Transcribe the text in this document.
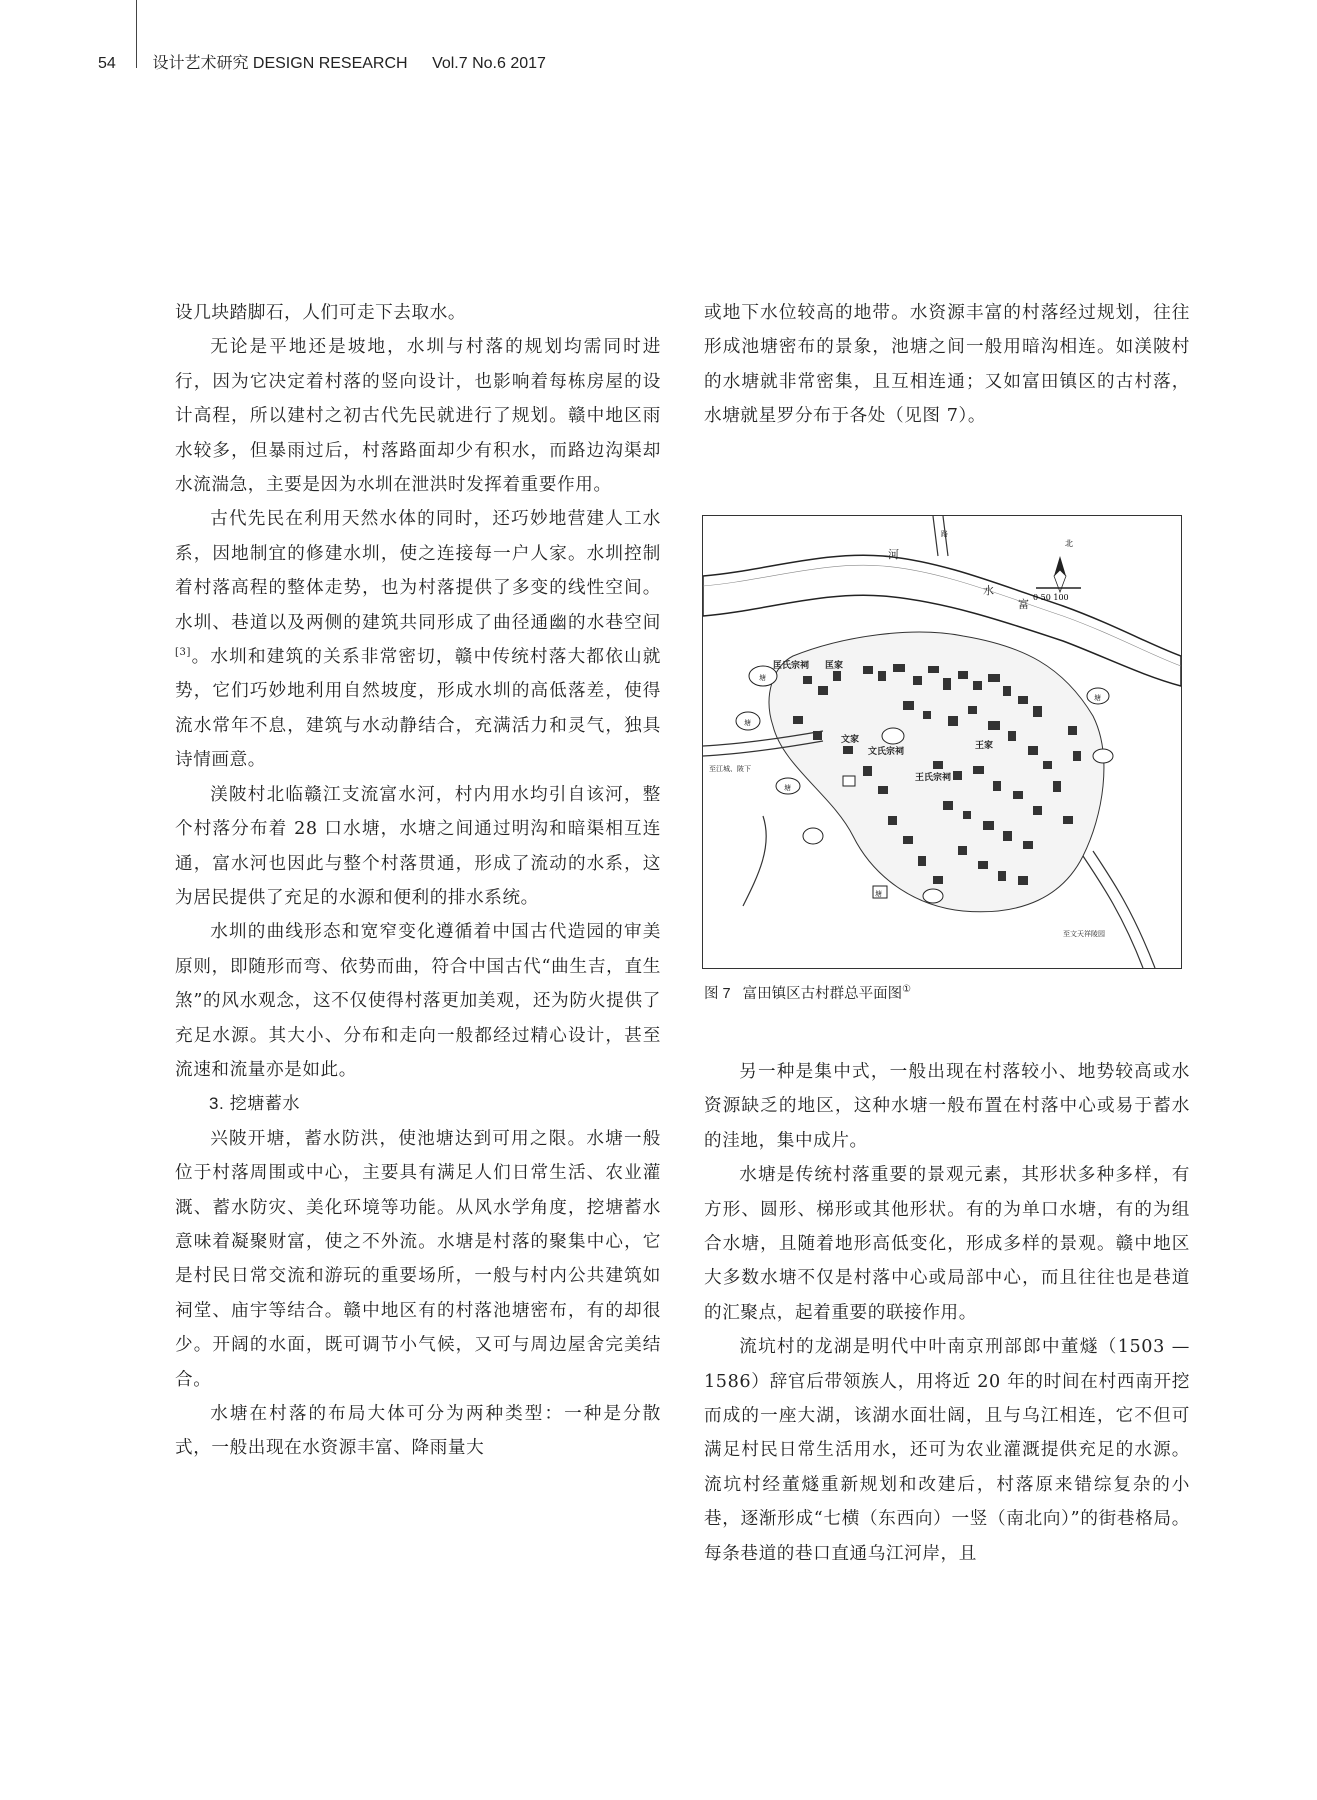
54 设计艺术研究 DESIGN RESEARCH Vol.7 No.6 2017

设几块踏脚石，人们可走下去取水。

无论是平地还是坡地，水圳与村落的规划均需同时进行，因为它决定着村落的竖向设计，也影响着每栋房屋的设计高程，所以建村之初古代先民就进行了规划。赣中地区雨水较多，但暴雨过后，村落路面却少有积水，而路边沟渠却水流湍急，主要是因为水圳在泄洪时发挥着重要作用。

古代先民在利用天然水体的同时，还巧妙地营建人工水系，因地制宜的修建水圳，使之连接每一户人家。水圳控制着村落高程的整体走势，也为村落提供了多变的线性空间。水圳、巷道以及两侧的建筑共同形成了曲径通幽的水巷空间[3]。水圳和建筑的关系非常密切，赣中传统村落大都依山就势，它们巧妙地利用自然坡度，形成水圳的高低落差，使得流水常年不息，建筑与水动静结合，充满活力和灵气，独具诗情画意。

渼陂村北临赣江支流富水河，村内用水均引自该河，整个村落分布着 28 口水塘，水塘之间通过明沟和暗渠相互连通，富水河也因此与整个村落贯通，形成了流动的水系，这为居民提供了充足的水源和便利的排水系统。

水圳的曲线形态和宽窄变化遵循着中国古代造园的审美原则，即随形而弯、依势而曲，符合中国古代“曲生吉，直生煞”的风水观念，这不仅使得村落更加美观，还为防火提供了充足水源。其大小、分布和走向一般都经过精心设计，甚至流速和流量亦是如此。

3. 挖塘蓄水

兴陂开塘，蓄水防洪，使池塘达到可用之限。水塘一般位于村落周围或中心，主要具有满足人们日常生活、农业灌溉、蓄水防灾、美化环境等功能。从风水学角度，挖塘蓄水意味着凝聚财富，使之不外流。水塘是村落的聚集中心，它是村民日常交流和游玩的重要场所，一般与村内公共建筑如祠堂、庙宇等结合。赣中地区有的村落池塘密布，有的却很少。开阔的水面，既可调节小气候，又可与周边屋舍完美结合。

水塘在村落的布局大体可分为两种类型：一种是分散式，一般出现在水资源丰富、降雨量大

或地下水位较高的地带。水资源丰富的村落经过规划，往往形成池塘密布的景象，池塘之间一般用暗沟相连。如渼陂村的水塘就非常密集，且互相连通；又如富田镇区的古村落，水塘就星罗分布于各处（见图 7）。

北
0 50 100
河
水
富
匡氏宗祠 匡家
文家
文氏宗祠
王家
王氏宗祠
至江城、陂下
至文天祥陵园
塘
塘
塘
塘
塘
路
图 7 富田镇区古村群总平面图①

另一种是集中式，一般出现在村落较小、地势较高或水资源缺乏的地区，这种水塘一般布置在村落中心或易于蓄水的洼地，集中成片。

水塘是传统村落重要的景观元素，其形状多种多样，有方形、圆形、梯形或其他形状。有的为单口水塘，有的为组合水塘，且随着地形高低变化，形成多样的景观。赣中地区大多数水塘不仅是村落中心或局部中心，而且往往也是巷道的汇聚点，起着重要的联接作用。

流坑村的龙湖是明代中叶南京刑部郎中董燧（1503 — 1586）辞官后带领族人，用将近 20 年的时间在村西南开挖而成的一座大湖，该湖水面壮阔，且与乌江相连，它不但可满足村民日常生活用水，还可为农业灌溉提供充足的水源。流坑村经董燧重新规划和改建后，村落原来错综复杂的小巷，逐渐形成“七横（东西向）一竖（南北向）”的街巷格局。每条巷道的巷口直通乌江河岸，且
